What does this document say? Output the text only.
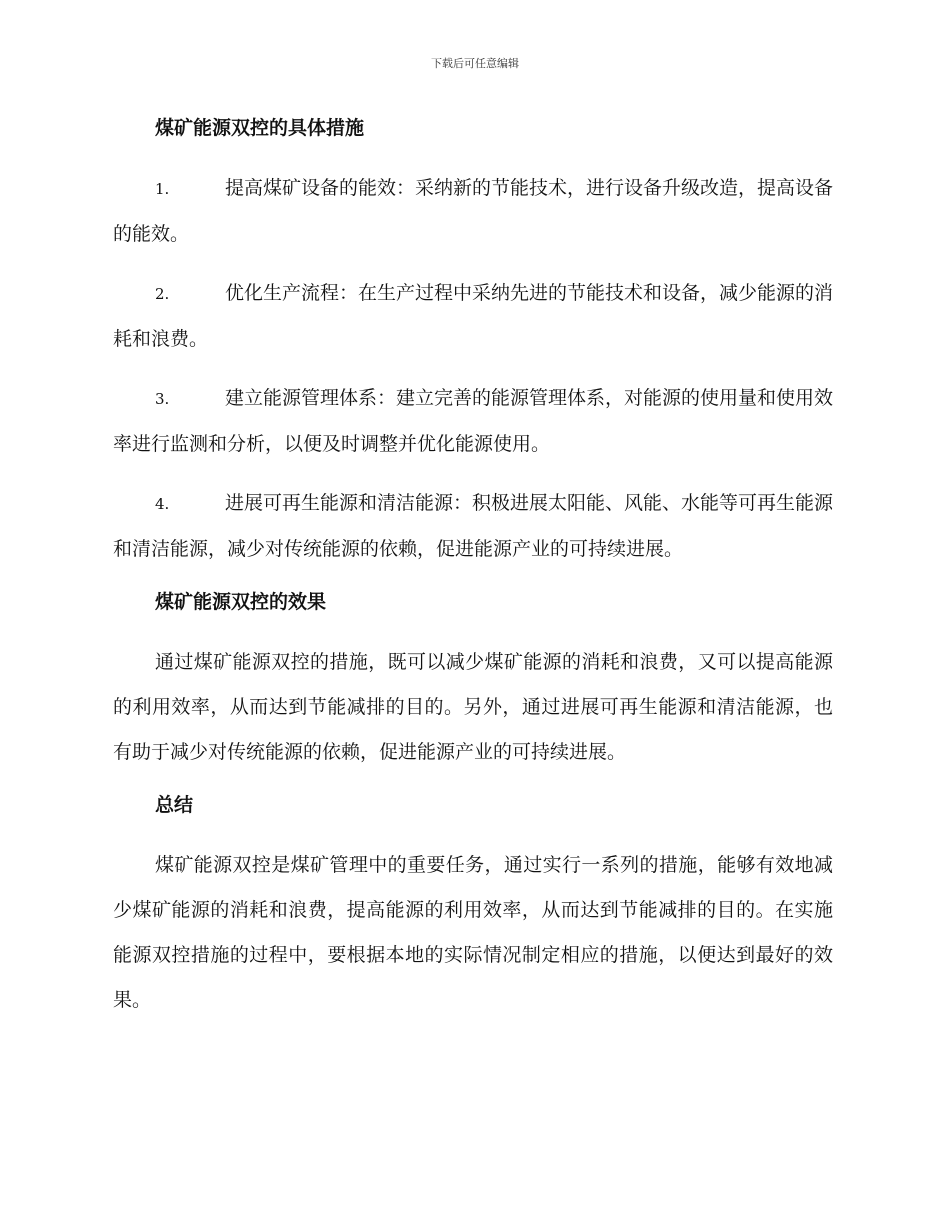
下载后可任意编辑
煤矿能源双控的具体措施
1.	提高煤矿设备的能效：采纳新的节能技术，进行设备升级改造，提高设备的能效。
2.	优化生产流程：在生产过程中采纳先进的节能技术和设备，减少能源的消耗和浪费。
3.	建立能源管理体系：建立完善的能源管理体系，对能源的使用量和使用效率进行监测和分析，以便及时调整并优化能源使用。
4.	进展可再生能源和清洁能源：积极进展太阳能、风能、水能等可再生能源和清洁能源，减少对传统能源的依赖，促进能源产业的可持续进展。
煤矿能源双控的效果

通过煤矿能源双控的措施，既可以减少煤矿能源的消耗和浪费，又可以提高能源的利用效率，从而达到节能减排的目的。另外，通过进展可再生能源和清洁能源，也有助于减少对传统能源的依赖，促进能源产业的可持续进展。

总结

煤矿能源双控是煤矿管理中的重要任务，通过实行一系列的措施，能够有效地减少煤矿能源的消耗和浪费，提高能源的利用效率，从而达到节能减排的目的。在实施能源双控措施的过程中，要根据本地的实际情况制定相应的措施，以便达到最好的效果。
